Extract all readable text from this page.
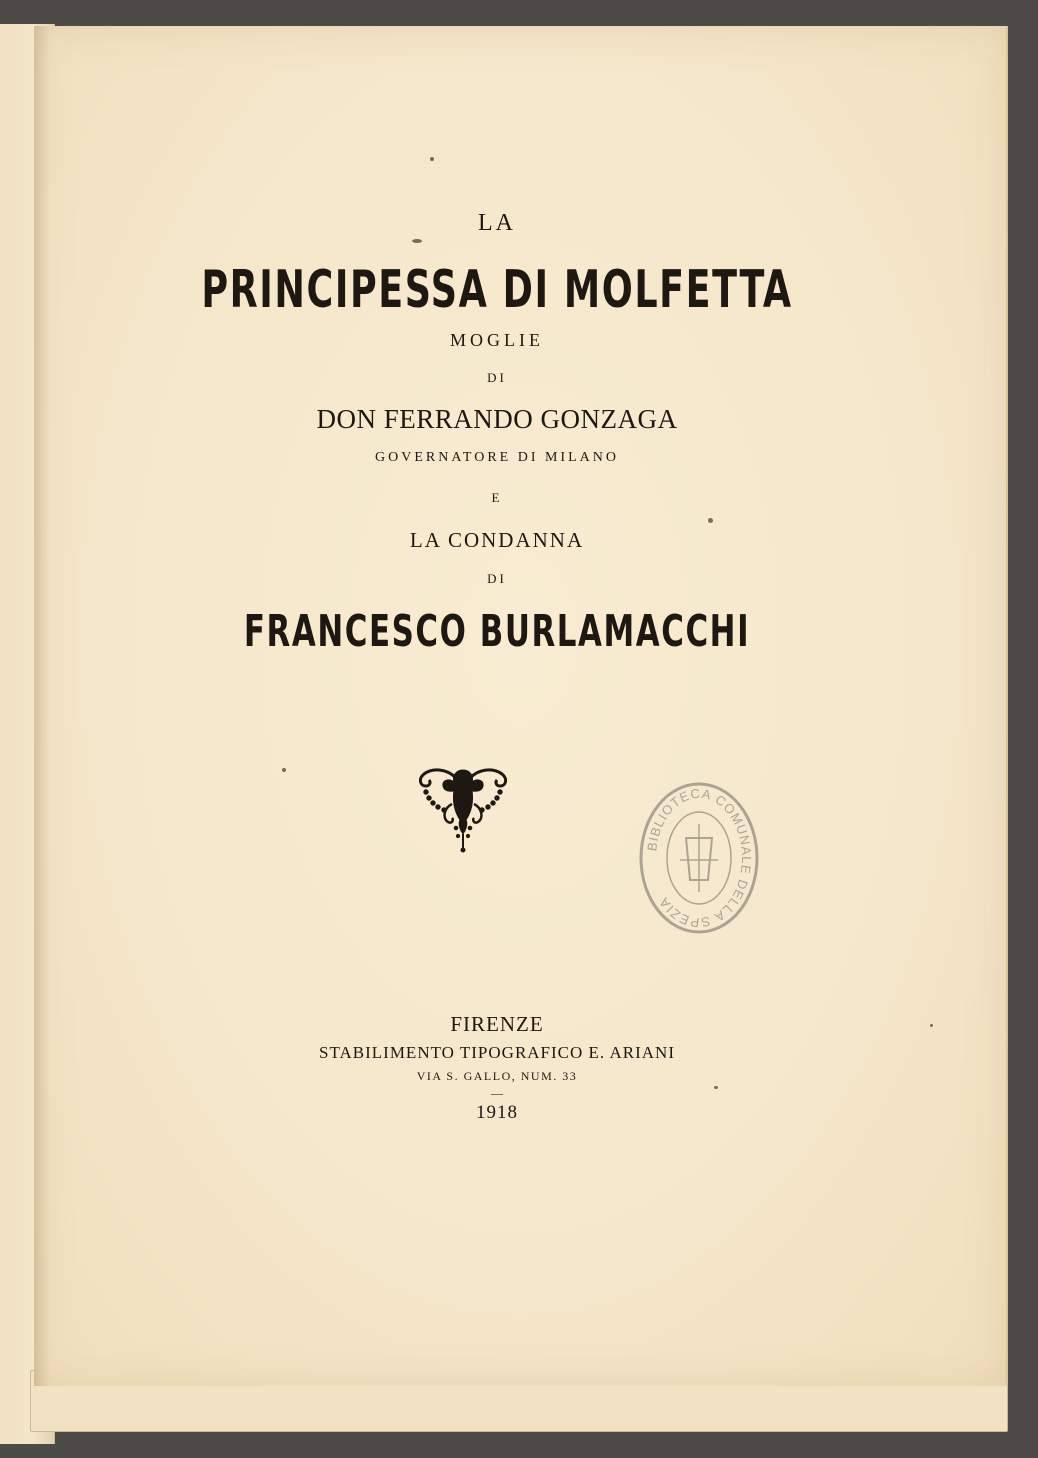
LA
PRINCIPESSA DI MOLFETTA
MOGLIE
DI
DON FERRANDO GONZAGA
GOVERNATORE DI MILANO
E
LA CONDANNA
DI
FRANCESCO BURLAMACCHI
FIRENZE
STABILIMENTO TIPOGRAFICO E. ARIANI
VIA S. GALLO, NUM. 33
—
1918
BIBLIOTECA COMUNALE DELLA SPEZIA
